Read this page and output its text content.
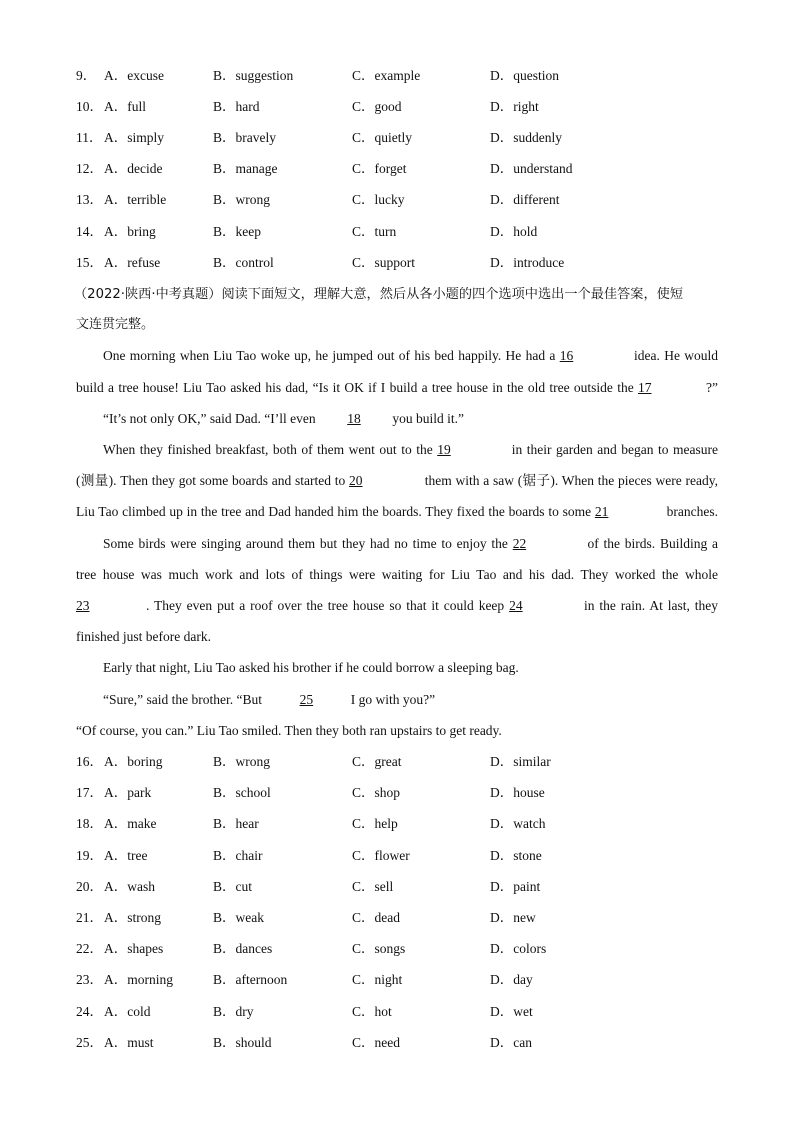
9． A．excuse	B．suggestion	C．example	D．question
10． A．full	B．hard	C．good	D．right
11． A．simply	B．bravely	C．quietly	D．suddenly
12． A．decide	B．manage	C．forget	D．understand
13． A．terrible	B．wrong	C．lucky	D．different
14． A．bring	B．keep	C．turn	D．hold
15． A．refuse	B．control	C．support	D．introduce
（2022·陕西·中考真题）阅读下面短文，理解大意，然后从各小题的四个选项中选出一个最佳答案，使短
文连贯完整。
One morning when Liu Tao woke up, he jumped out of his bed happily. He had a 16	idea. He would
build a tree house! Liu Tao asked his dad, “Is it OK if I build a tree house in the old tree outside the 17	?”
“It’s not only OK,” said Dad. “I’ll even 18 you build it.”
When they finished breakfast, both of them went out to the 19	in their garden and began to measure
(测量). Then they got some boards and started to 20	them with a saw (锯子). When the pieces were ready,
Liu Tao climbed up in the tree and Dad handed him the boards. They fixed the boards to some 21	branches.
Some birds were singing around them but they had no time to enjoy the 22	of the birds. Building a
tree house was much work and lots of things were waiting for Liu Tao and his dad. They worked the whole
23	. They even put a roof over the tree house so that it could keep 24	in the rain. At last, they
finished just before dark.
Early that night, Liu Tao asked his brother if he could borrow a sleeping bag.
“Sure,” said the brother. “But	25	I go with you?”
“Of course, you can.” Liu Tao smiled. Then they both ran upstairs to get ready.
16． A．boring	B．wrong	C．great	D．similar
17． A．park	B．school	C．shop	D．house
18． A．make	B．hear	C．help	D．watch
19． A．tree	B．chair	C．flower	D．stone
20． A．wash	B．cut	C．sell	D．paint
21． A．strong	B．weak	C．dead	D．new
22． A．shapes	B．dances	C．songs	D．colors
23． A．morning	B．afternoon	C．night	D．day
24． A．cold	B．dry	C．hot	D．wet
25． A．must	B．should	C．need	D．can
